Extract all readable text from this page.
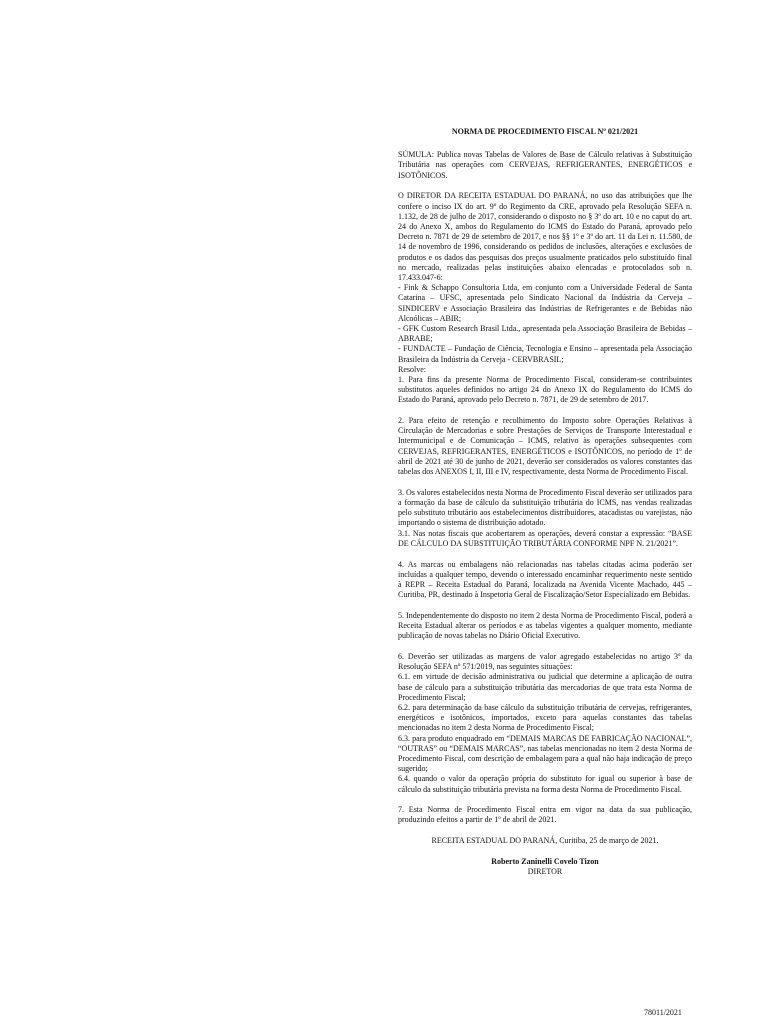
NORMA DE PROCEDIMENTO FISCAL Nº 021/2021

SÚMULA: Publica novas Tabelas de Valores de Base de Cálculo relativas à Substituição Tributária nas operações com CERVEJAS, REFRIGERANTES, ENERGÉTICOS e ISOTÔNICOS.

O DIRETOR DA RECEITA ESTADUAL DO PARANÁ, no uso das atribuições que lhe confere o inciso IX do art. 9º do Regimento da CRE, aprovado pela Resolução SEFA n. 1.132, de 28 de julho de 2017, considerando o disposto no § 3º do art. 10 e no caput do art. 24 do Anexo X, ambos do Regulamento do ICMS do Estado do Paraná, aprovado pelo Decreto n. 7871 de 29 de setembro de 2017, e nos §§ 1º e 3º do art. 11 da Lei n. 11.580, de 14 de novembro de 1996, considerando os pedidos de inclusões, alterações e exclusões de produtos e os dados das pesquisas dos preços usualmente praticados pelo substituído final no mercado, realizadas pelas instituições abaixo elencadas e protocolados sob n. 17.433.047-6:

- Fink & Schappo Consultoria Ltda, em conjunto com a Universidade Federal de Santa Catarina – UFSC, apresentada pelo Sindicato Nacional da Indústria da Cerveja – SINDICERV e Associação Brasileira das Indústrias de Refrigerantes e de Bebidas não Alcoólicas – ABIR;

- GFK Custom Research Brasil Ltda., apresentada pela Associação Brasileira de Bebidas – ABRABE;

- FUNDACTE – Fundação de Ciência, Tecnologia e Ensino – apresentada pela Associação Brasileira da Indústria da Cerveja - CERVBRASIL;

Resolve:

1. Para fins da presente Norma de Procedimento Fiscal, consideram-se contribuintes substitutos aqueles definidos no artigo 24 do Anexo IX do Regulamento do ICMS do Estado do Paraná, aprovado pelo Decreto n. 7871, de 29 de setembro de 2017.

2. Para efeito de retenção e recolhimento do Imposto sobre Operações Relativas à Circulação de Mercadorias e sobre Prestações de Serviços de Transporte Interestadual e Intermunicipal e de Comunicação – ICMS, relativo às operações subsequentes com CERVEJAS, REFRIGERANTES, ENERGÉTICOS e ISOTÔNICOS, no período de 1º de abril de 2021 até 30 de junho de 2021, deverão ser considerados os valores constantes das tabelas dos ANEXOS I, II, III e IV, respectivamente, desta Norma de Procedimento Fiscal.

3. Os valores estabelecidos nesta Norma de Procedimento Fiscal deverão ser utilizados para a formação da base de cálculo da substituição tributária do ICMS, nas vendas realizadas pelo substituto tributário aos estabelecimentos distribuidores, atacadistas ou varejistas, não importando o sistema de distribuição adotado.

3.1. Nas notas fiscais que acobertarem as operações, deverá constar a expressão: “BASE DE CÁLCULO DA SUBSTITUIÇÃO TRIBUTÁRIA CONFORME NPF N. 21/2021”.

4. As marcas ou embalagens não relacionadas nas tabelas citadas acima poderão ser incluídas a qualquer tempo, devendo o interessado encaminhar requerimento neste sentido à REPR – Receita Estadual do Paraná, localizada na Avenida Vicente Machado, 445 – Curitiba, PR, destinado à Inspetoria Geral de Fiscalização/Setor Especializado em Bebidas.

5. Independentemente do disposto no item 2 desta Norma de Procedimento Fiscal, poderá a Receita Estadual alterar os períodos e as tabelas vigentes a qualquer momento, mediante publicação de novas tabelas no Diário Oficial Executivo.

6. Deverão ser utilizadas as margens de valor agregado estabelecidas no artigo 3º da Resolução SEFA nº 571/2019, nas seguintes situações:

6.1. em virtude de decisão administrativa ou judicial que determine a aplicação de outra base de cálculo para a substituição tributária das mercadorias de que trata esta Norma de Procedimento Fiscal;

6.2. para determinação da base cálculo da substituição tributária de cervejas, refrigerantes, energéticos e isotônicos, importados, exceto para aquelas constantes das tabelas mencionadas no item 2 desta Norma de Procedimento Fiscal;

6.3. para produto enquadrado em “DEMAIS MARCAS DE FABRICAÇÃO NACIONAL”, “OUTRAS” ou “DEMAIS MARCAS”, nas tabelas mencionadas no item 2 desta Norma de Procedimento Fiscal, com descrição de embalagem para a qual não haja indicação de preço sugerido;

6.4. quando o valor da operação própria do substituto for igual ou superior à base de cálculo da substituição tributária prevista na forma desta Norma de Procedimento Fiscal.

7. Esta Norma de Procedimento Fiscal entra em vigor na data da sua publicação, produzindo efeitos a partir de 1º de abril de 2021.

RECEITA ESTADUAL DO PARANÁ, Curitiba, 25 de março de 2021.

Roberto Zaninelli Covelo Tizon

DIRETOR

78011/2021
